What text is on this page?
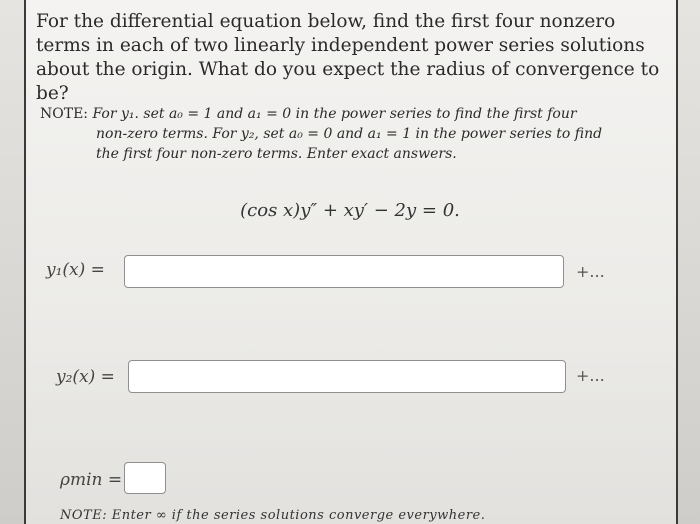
For the differential equation below, find the first four nonzero terms in each of two linearly independent power series solutions about the origin. What do you expect the radius of convergence to be?
NOTE: For y₁. set a₀ = 1 and a₁ = 0 in the power series to find the first four
non-zero terms. For y₂, set a₀ = 0 and a₁ = 1 in the power series to find
the first four non-zero terms. Enter exact answers.
(cos x)y″ + xy′ − 2y = 0.
y₁(x) =	+...
y₂(x) =	+...
ρmin =
NOTE: Enter ∞ if the series solutions converge everywhere.
